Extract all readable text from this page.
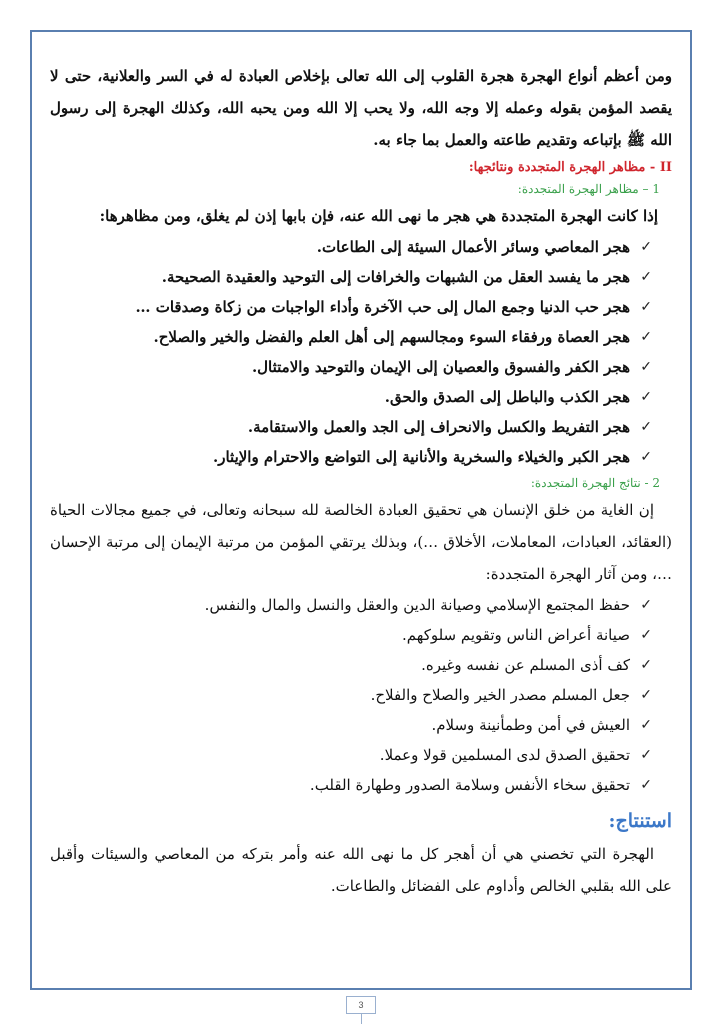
ومن أعظم أنواع الهجرة هجرة القلوب إلى الله تعالى بإخلاص العبادة له في السر والعلانية، حتى لا يقصد المؤمن بقوله وعمله إلا وجه الله، ولا يحب إلا الله ومن يحبه الله، وكذلك الهجرة إلى رسول الله ﷺ بإتباعه وتقديم طاعته والعمل بما جاء به.

II - مظاهر الهجرة المتجددة ونتائجها:

1 – مظاهر الهجرة المتجددة:

إذا كانت الهجرة المتجددة هي هجر ما نهى الله عنه، فإن بابها إذن لم يغلق، ومن مظاهرها:

✓
هجر المعاصي وسائر الأعمال السيئة إلى الطاعات.
✓
هجر ما يفسد العقل من الشبهات والخرافات إلى التوحيد والعقيدة الصحيحة.
✓
هجر حب الدنيا وجمع المال إلى حب الآخرة وأداء الواجبات من زكاة وصدقات …
✓
هجر العصاة ورفقاء السوء ومجالسهم إلى أهل العلم والفضل والخير والصلاح.
✓
هجر الكفر والفسوق والعصيان إلى الإيمان والتوحيد والامتثال.
✓
هجر الكذب والباطل إلى الصدق والحق.
✓
هجر التفريط والكسل والانحراف إلى الجد والعمل والاستقامة.
✓
هجر الكبر والخيلاء والسخرية والأنانية إلى التواضع والاحترام والإيثار.

2 - نتائج الهجرة المتجددة:

إن الغاية من خلق الإنسان هي تحقيق العبادة الخالصة لله سبحانه وتعالى، في جميع مجالات الحياة (العقائد، العبادات، المعاملات، الأخلاق …)، وبذلك يرتقي المؤمن من مرتبة الإيمان إلى مرتبة الإحسان …، ومن آثار الهجرة المتجددة:

✓
حفظ المجتمع الإسلامي وصيانة الدين والعقل والنسل والمال والنفس.
✓
صيانة أعراض الناس وتقويم سلوكهم.
✓
كف أذى المسلم عن نفسه وغيره.
✓
جعل المسلم مصدر الخير والصلاح والفلاح.
✓
العيش في أمن وطمأنينة وسلام.
✓
تحقيق الصدق لدى المسلمين قولا وعملا.
✓
تحقيق سخاء الأنفس وسلامة الصدور وطهارة القلب.

استنتاج:

الهجرة التي تخصني هي أن أهجر كل ما نهى الله عنه وأمر بتركه من المعاصي والسيئات وأقبل على الله بقلبي الخالص وأداوم على الفضائل والطاعات.

3
